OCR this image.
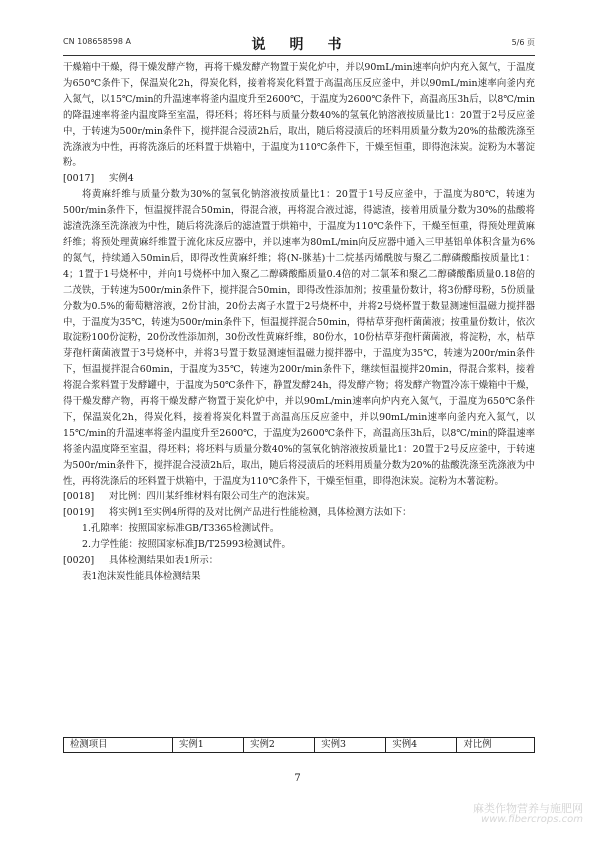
CN 108658598 A	说　明　书	5/6 页

干燥箱中干燥，得干燥发酵产物，再将干燥发酵产物置于炭化炉中，并以90mL/min速率向炉内充入氮气，于温度为650℃条件下，保温炭化2h，得炭化料，接着将炭化料置于高温高压反应釜中，并以90mL/min速率向釜内充入氮气，以15℃/min的升温速率将釜内温度升至2600℃，于温度为2600℃条件下，高温高压3h后，以8℃/min的降温速率将釜内温度降至室温，得坯料；将坯料与质量分数40%的氢氧化钠溶液按质量比1：20置于2号反应釜中，于转速为500r/min条件下，搅拌混合浸渍2h后，取出，随后将浸渍后的坯料用质量分数为20%的盐酸洗涤至洗涤液为中性，再将洗涤后的坯料置于烘箱中，于温度为110℃条件下，干燥至恒重，即得泡沫炭。淀粉为木薯淀粉。

[0017] 实例4

将黄麻纤维与质量分数为30%的氢氧化钠溶液按质量比1：20置于1号反应釜中，于温度为80℃，转速为500r/min条件下，恒温搅拌混合50min，得混合液，再将混合液过滤，得滤渣，接着用质量分数为30%的盐酸将滤渣洗涤至洗涤液为中性，随后将洗涤后的滤渣置于烘箱中，于温度为110℃条件下，干燥至恒重，得预处理黄麻纤维；将预处理黄麻纤维置于流化床反应器中，并以速率为80mL/min向反应器中通入三甲基铝单体积含量为6%的氮气，持续通入50min后，即得改性黄麻纤维；将(N-脒基)十二烷基丙烯酰胺与聚乙二醇磷酸酯按质量比1：4；1置于1号烧杯中，并向1号烧杯中加入聚乙二醇磷酸酯质量0.4倍的对二氯苯和聚乙二醇磷酸酯质量0.18倍的二茂铁，于转速为500r/min条件下，搅拌混合50min，即得改性添加剂；按重量份数计，将3份酵母粉，5份质量分数为0.5%的葡萄糖溶液，2份甘油，20份去离子水置于2号烧杯中，并将2号烧杯置于数显测速恒温磁力搅拌器中，于温度为35℃，转速为500r/min条件下，恒温搅拌混合50min，得枯草芽孢杆菌菌液；按重量份数计，依次取淀粉100份淀粉，20份改性添加剂，30份改性黄麻纤维，80份水，10份枯草芽孢杆菌菌液，将淀粉，水，枯草芽孢杆菌菌液置于3号烧杯中，并将3号置于数显测速恒温磁力搅拌器中，于温度为35℃，转速为200r/min条件下，恒温搅拌混合60min，于温度为35℃，转速为200r/min条件下，继续恒温搅拌20min，得混合浆料，接着将混合浆料置于发酵罐中，于温度为50℃条件下，静置发酵24h，得发酵产物；将发酵产物置冷冻干燥箱中干燥，得干燥发酵产物，再将干燥发酵产物置于炭化炉中，并以90mL/min速率向炉内充入氮气，于温度为650℃条件下，保温炭化2h，得炭化料，接着将炭化料置于高温高压反应釜中，并以90mL/min速率向釜内充入氮气，以15℃/min的升温速率将釜内温度升至2600℃，于温度为2600℃条件下，高温高压3h后，以8℃/min的降温速率将釜内温度降至室温，得坯料；将坯料与质量分数40%的氢氧化钠溶液按质量比1：20置于2号反应釜中，于转速为500r/min条件下，搅拌混合浸渍2h后，取出，随后将浸渍后的坯料用质量分数为20%的盐酸洗涤至洗涤液为中性，再将洗涤后的坯料置于烘箱中，于温度为110℃条件下，干燥至恒重，即得泡沫炭。淀粉为木薯淀粉。

[0018] 对比例：四川某纤维材料有限公司生产的泡沫炭。

[0019] 将实例1至实例4所得的及对比例产品进行性能检测，具体检测方法如下：

1.孔隙率：按照国家标准GB/T3365检测试件。

2.力学性能：按照国家标准JB/T25993检测试件。

[0020] 具体检测结果如表1所示：

表1泡沫炭性能具体检测结果

检测项目	实例1	实例2	实例3	实例4	对比例
7
麻类作物营养与施肥网
www.fibercrops.com
